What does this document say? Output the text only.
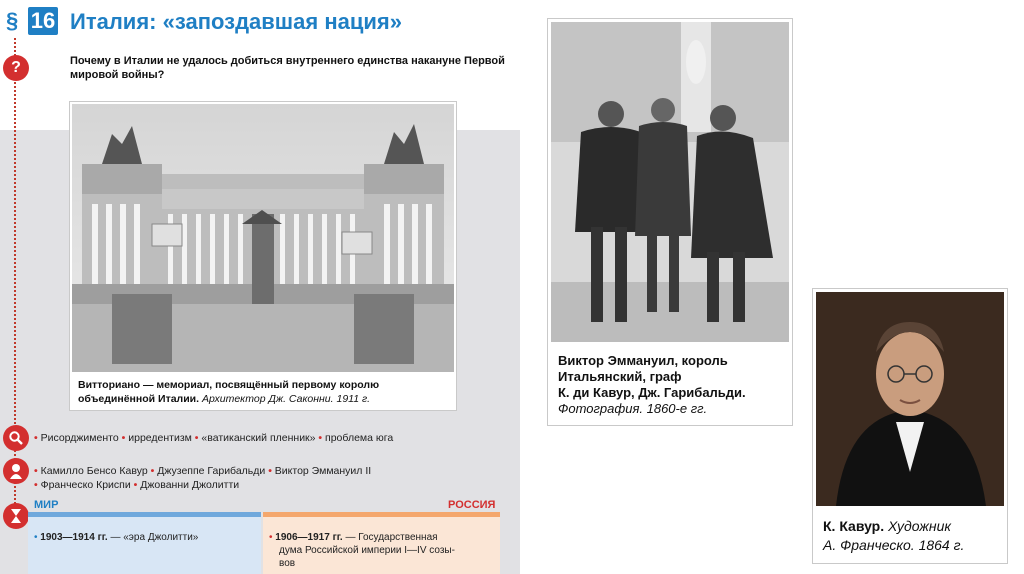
§ 16 Италия: «запоздавшая нация»
?	Почему в Италии не удалось добиться внутреннего единства накануне Первой мировой войны?
Витториано — мемориал, посвящённый первому королю объединённой Италии. Архитектор Дж. Саконни. 1911 г.
• Рисорджименто • ирредентизм • «ватиканский пленник» • проблема юга
• Камилло Бенсо Кавур • Джузеппе Гарибальди • Виктор Эммануил II
• Франческо Криспи • Джованни Джолитти
МИР	РОССИЯ
• 1903—1914 гг. — «эра Джолитти»	• 1906—1917 гг. — Государственная
дума Российской империи I—IV созы-
вов
Виктор Эммануил, король
Итальянский, граф
К. ди Кавур, Дж. Гарибальди.
Фотография. 1860-е гг.
К. Кавур. Художник
А. Франческо. 1864 г.
